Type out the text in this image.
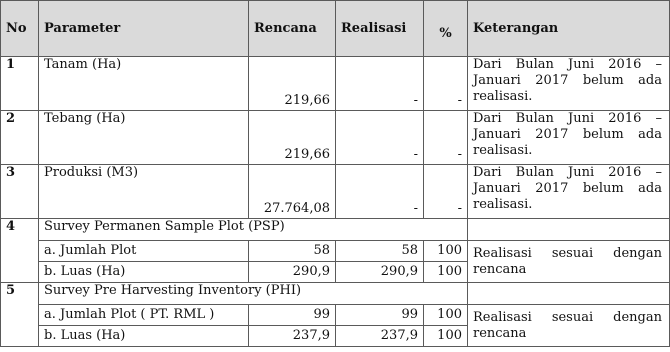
No	Parameter	Rencana	Realisasi	%	Keterangan
1	Tanam (Ha)	219,66	-	-	Dari Bulan Juni 2016 –
Januari 2017 belum ada
realisasi.
2	Tebang (Ha)	219,66	-	-	Dari Bulan Juni 2016 –
Januari 2017 belum ada
realisasi.
3	Produksi (M3)	27.764,08	-	-	Dari Bulan Juni 2016 –
Januari 2017 belum ada
realisasi.
4	Survey Permanen Sample Plot (PSP)				
	a. Jumlah Plot	58	58	100	Realisasi sesuai dengan
rencana
	b. Luas (Ha)	290,9	290,9	100	
5	Survey Pre Harvesting Inventory (PHI)				
	a. Jumlah Plot ( PT. RML )	99	99	100	Realisasi sesuai dengan
rencana
	b. Luas (Ha)	237,9	237,9	100	
